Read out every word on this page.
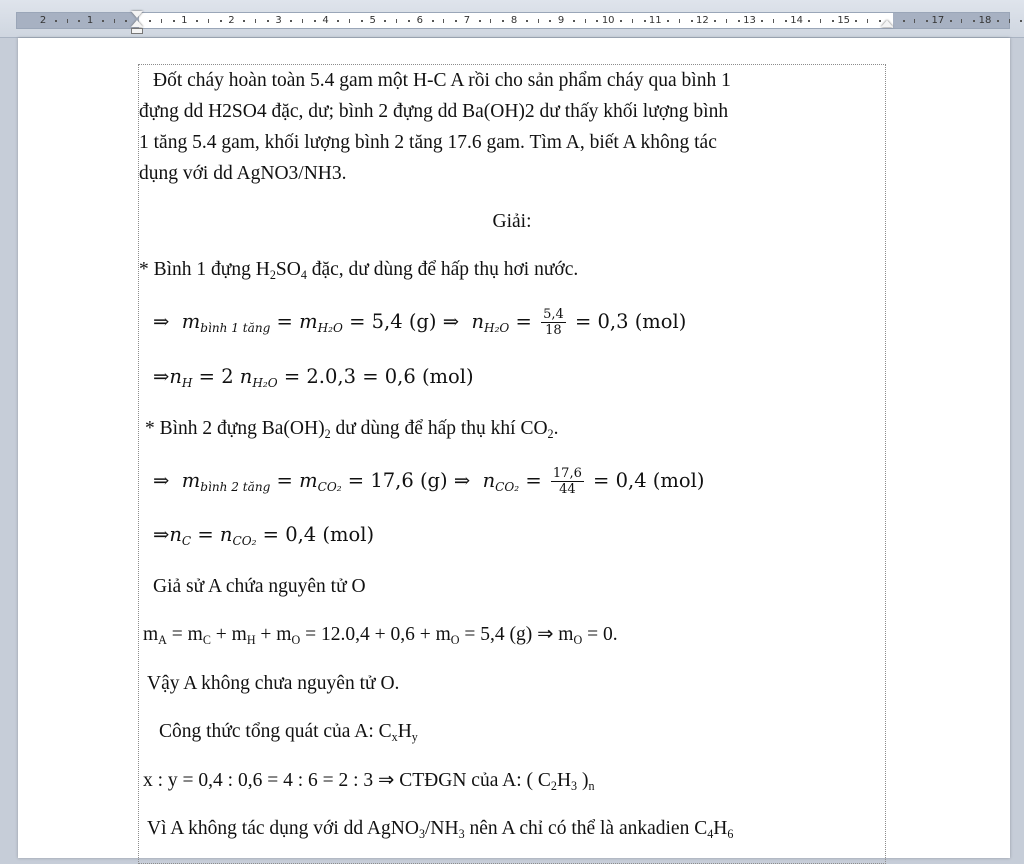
2	1	1	2	3	4	5	6	7	8	9	10	11	12	13	14	15	17	18
Đốt cháy hoàn toàn 5.4 gam một H-C A rồi cho sản phẩm cháy qua bình 1
đựng dd H2SO4 đặc, dư; bình 2 đựng dd Ba(OH)2 dư thấy khối lượng bình
1 tăng 5.4 gam, khối lượng bình 2 tăng 17.6 gam. Tìm A, biết A không tác
dụng với dd AgNO3/NH3.
Giải:
* Bình 1 đựng $H_2SO_4$ đặc, dư dùng để hấp thụ hơi nước.
⇒ $m_{bình 1 tăng} = m_{H_2O} = 5,4$ (g) ⇒ $n_{H_2O} = \frac{5,4}{18} = 0,3$ (mol)
$\Rightarrow n_H = 2$ $n_{H_2O} = 2.0,3 = 0,6$ (mol)
* Bình 2 đựng $Ba(OH)_2$ dư dùng để hấp thụ khí $CO_2$.
⇒ $m_{bình 2 tăng} = m_{CO_2} = 17,6$ (g) ⇒ $n_{CO_2} = \frac{17,6}{44} = 0,4$ (mol)
$\Rightarrow n_C = n_{CO_2} = 0,4$ (mol)
Giả sử A chứa nguyên tử O
$m_A = m_C + m_H + m_O = 12.0,4 + 0,6 + m_O = 5,4$ (g) ⇒ $m_O = 0$.
Vậy A không chưa nguyên tử O.
Công thức tổng quát của A: $C_xH_y$
x : y = 0,4 : 0,6 = 4 : 6 = 2 : 3 ⇒ CTĐGN của A: ( $C_2H_3$ )$_n$
Vì A không tác dụng với dd $AgNO_3/NH_3$ nên A chỉ có thể là ankadien $C_4H_6$
